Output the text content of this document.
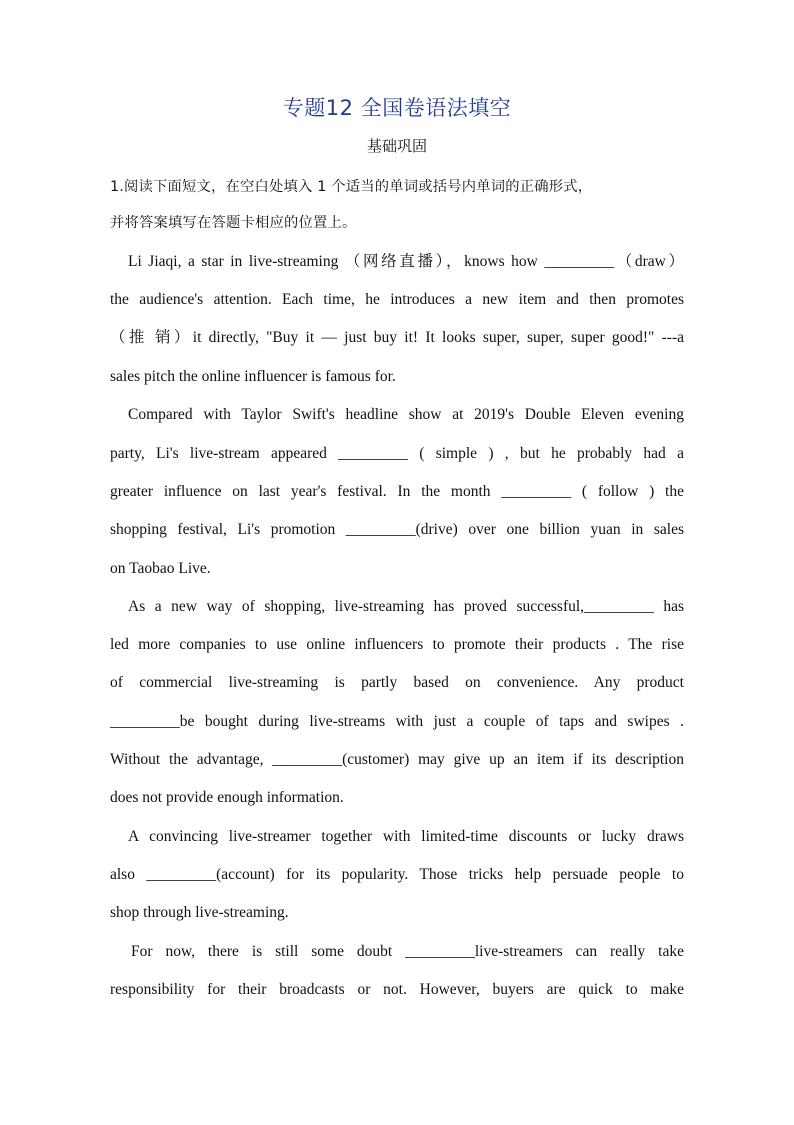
专题12 全国卷语法填空
基础巩固
1.阅读下面短文，在空白处填入 1 个适当的单词或括号内单词的正确形式，
并将答案填写在答题卡相应的位置上。
Li Jiaqi, a star in live-streaming （网络直播），knows how _________（draw）
the audience's attention. Each time, he introduces a new item and then promotes
（推 销）it directly, "Buy it — just buy it! It looks super, super, super good!" ---a
sales pitch the online influencer is famous for.
Compared with Taylor Swift's headline show at 2019's Double Eleven evening
party, Li's live-stream appeared _________ ( simple ) , but he probably had a
greater influence on last year's festival. In the month _________ ( follow ) the
shopping festival, Li's promotion _________(drive) over one billion yuan in sales
on Taobao Live.
As a new way of shopping, live-streaming has proved successful,_________ has
led more companies to use online influencers to promote their products . The rise
of commercial live-streaming is partly based on convenience. Any product
_________be bought during live-streams with just a couple of taps and swipes .
Without the advantage, _________(customer) may give up an item if its description
does not provide enough information.
A convincing live-streamer together with limited-time discounts or lucky draws
also _________(account) for its popularity. Those tricks help persuade people to
shop through live-streaming.
For now, there is still some doubt _________live-streamers can really take
responsibility for their broadcasts or not. However, buyers are quick to make
